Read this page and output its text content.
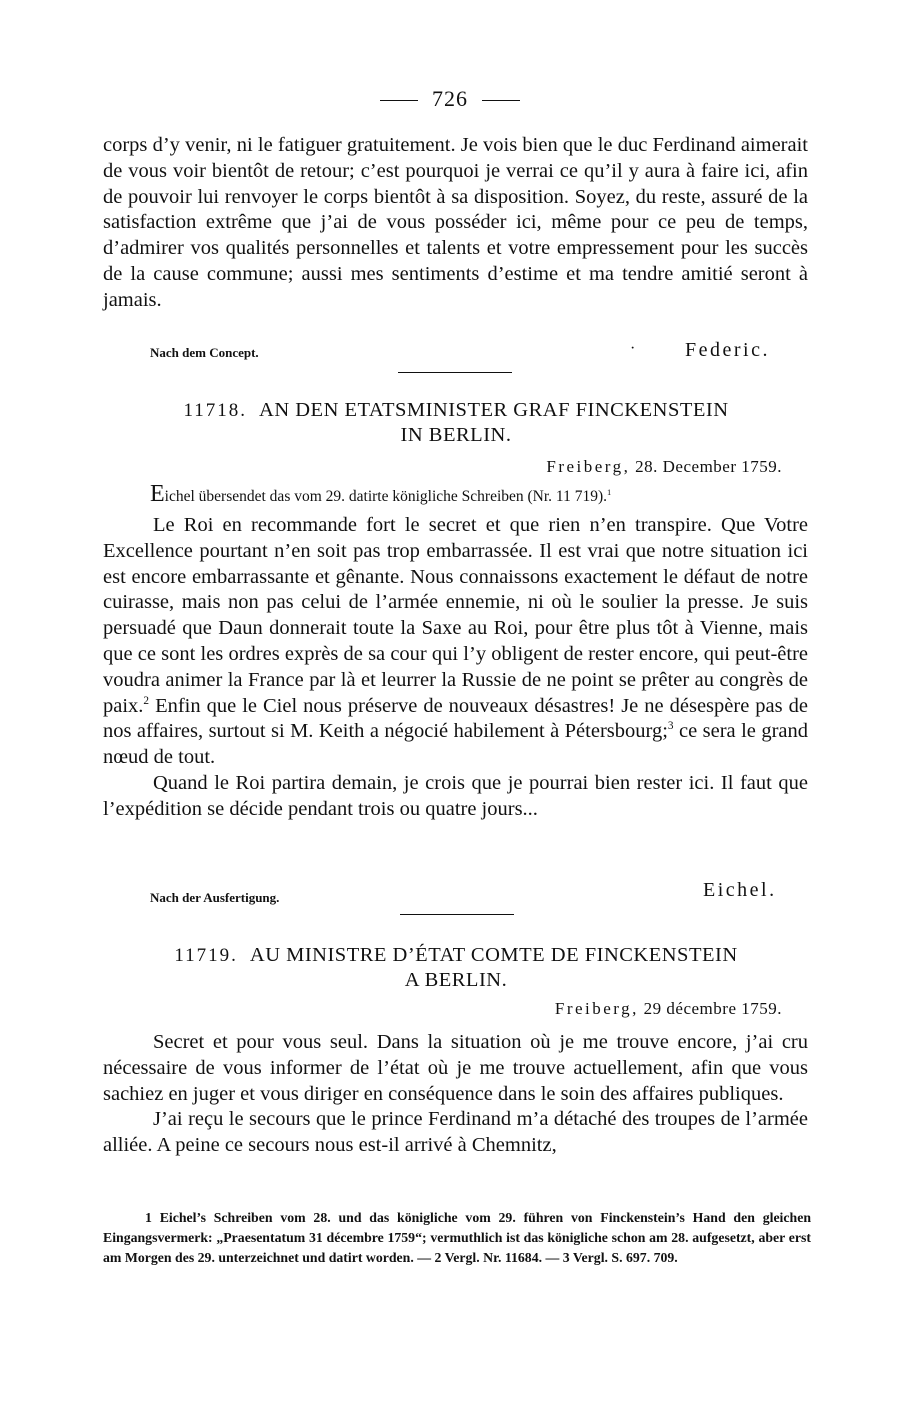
726

corps d’y venir, ni le fatiguer gratuitement. Je vois bien que le duc Ferdinand aimerait de vous voir bientôt de retour; c’est pourquoi je verrai ce qu’il y aura à faire ici, afin de pouvoir lui renvoyer le corps bientôt à sa disposition. Soyez, du reste, assuré de la satisfaction extrême que j’ai de vous posséder ici, même pour ce peu de temps, d’admirer vos qualités personnelles et talents et votre empressement pour les succès de la cause commune; aussi mes sentiments d’estime et ma tendre amitié seront à jamais.

Nach dem Concept.	· Federic.
11718. AN DEN ETATSMINISTER GRAF FINCKENSTEIN
IN BERLIN.
Freiberg, 28. December 1759.
Eichel übersendet das vom 29. datirte königliche Schreiben (Nr. 11 719).$^1$

Le Roi en recommande fort le secret et que rien n’en transpire. Que Votre Excellence pourtant n’en soit pas trop embarrassée. Il est vrai que notre situation ici est encore embarrassante et gênante. Nous connaissons exactement le défaut de notre cuirasse, mais non pas celui de l’armée ennemie, ni où le soulier la presse. Je suis persuadé que Daun donnerait toute la Saxe au Roi, pour être plus tôt à Vienne, mais que ce sont les ordres exprès de sa cour qui l’y obligent de rester encore, qui peut-être voudra animer la France par là et leurrer la Russie de ne point se prêter au congrès de paix.$^2$ Enfin que le Ciel nous préserve de nouveaux désastres! Je ne désespère pas de nos affaires, surtout si M. Keith a négocié habilement à Pétersbourg;$^3$ ce sera le grand nœud de tout.

Quand le Roi partira demain, je crois que je pourrai bien rester ici. Il faut que l’expédition se décide pendant trois ou quatre jours...

Nach der Ausfertigung.	Eichel.
11719. AU MINISTRE D’ÉTAT COMTE DE FINCKENSTEIN
A BERLIN.
Freiberg, 29 décembre 1759.

Secret et pour vous seul. Dans la situation où je me trouve encore, j’ai cru nécessaire de vous informer de l’état où je me trouve actuellement, afin que vous sachiez en juger et vous diriger en conséquence dans le soin des affaires publiques.

J’ai reçu le secours que le prince Ferdinand m’a détaché des troupes de l’armée alliée. A peine ce secours nous est-il arrivé à Chemnitz,

1 Eichel’s Schreiben vom 28. und das königliche vom 29. führen von Finckenstein’s Hand den gleichen Eingangsvermerk: „Praesentatum 31 décembre 1759“; vermuthlich ist das königliche schon am 28. aufgesetzt, aber erst am Morgen des 29. unterzeichnet und datirt worden. — 2 Vergl. Nr. 11684. — 3 Vergl. S. 697. 709.
